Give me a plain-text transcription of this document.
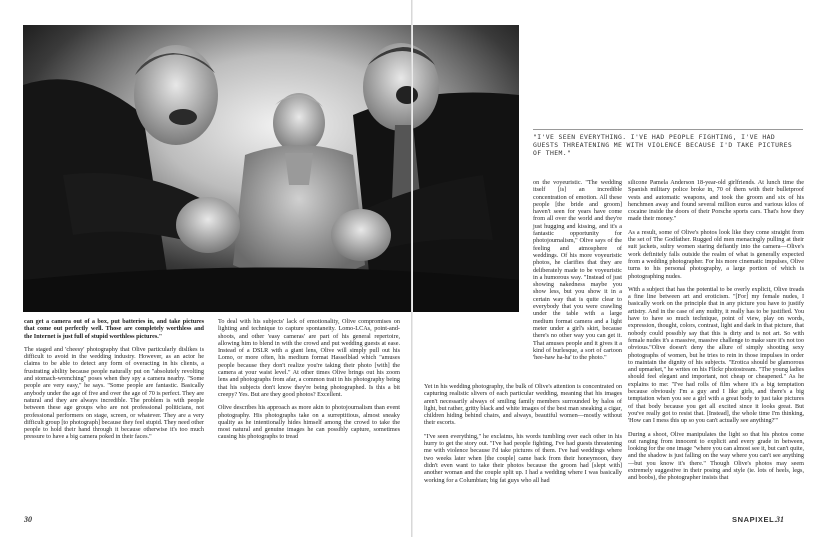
can get a camera out of a box, put batteries in, and take pictures that come out perfectly well. Those are completely worthless and the Internet is just full of stupid worthless pictures."

The staged and 'cheesy' photography that Olive particularly dislikes is difficult to avoid in the wedding industry. However, as an actor he claims to be able to detect any form of overacting in his clients, a frustrating ability because people naturally put on "absolutely revolting and stomach-wrenching" poses when they spy a camera nearby. "Some people are very easy," he says. "Some people are fantastic. Basically anybody under the age of five and over the age of 70 is perfect. They are natural and they are always incredible. The problem is with people between these age groups who are not professional politicians, not professional performers on stage, screen, or whatever. They are a very difficult group [to photograph] because they feel stupid. They need other people to hold their hand through it because otherwise it's too much pressure to have a big camera poked in their faces."

To deal with his subjects' lack of emotionality, Olive compromises on lighting and technique to capture spontaneity. Lomo-LCAs, point-and-shoots, and other 'easy cameras' are part of his general repertoire, allowing him to blend in with the crowd and put wedding guests at ease. Instead of a DSLR with a giant lens, Olive will simply pull out his Lomo, or more often, his medium format Hasselblad which "amuses people because they don't realize you're taking their photo [with] the camera at your waist level." At other times Olive brings out his zoom lens and photographs from afar, a common trait in his photography being that his subjects don't know they're being photographed. Is this a bit creepy? Yes. But are they good photos? Excellent.

Olive describes his approach as more akin to photojournalism than event photography. His photographs take on a surreptitious, almost sneaky quality as he intentionally hides himself among the crowd to take the most natural and genuine images he can possibly capture, sometimes causing his photographs to tread

"I'VE SEEN EVERYTHING. I'VE HAD PEOPLE FIGHTING, I'VE HAD GUESTS THREATENING ME WITH VIOLENCE BECAUSE I'D TAKE PICTURES OF THEM."

on the voyeuristic. "The wedding itself [is] an incredible concentration of emotion. All these people [the bride and groom] haven't seen for years have come from all over the world and they're just hugging and kissing, and it's a fantastic opportunity for photojournalism," Olive says of the feeling and atmosphere of weddings. Of his more voyeuristic photos, he clarifies that they are deliberately made to be voyeuristic in a humorous way. "Instead of just showing nakedness maybe you show less, but you show it in a certain way that is quite clear to everybody that you were crawling under the table with a large medium format camera and a light meter under a girl's skirt, because there's no other way you can get it. That amuses people and it gives it a kind of burlesque, a sort of cartoon 'hee-haw ha-ha' to the photo."

Yet in his wedding photography, the bulk of Olive's attention is concentrated on capturing realistic slivers of each particular wedding, meaning that his images aren't necessarily always of smiling family members surrounded by halos of light, but rather, gritty black and white images of the best man sneaking a cigar, children hiding behind chairs, and always, beautiful women—mostly without their escorts.

"I've seen everything," he exclaims, his words tumbling over each other in his hurry to get the story out. "I've had people fighting, I've had guests threatening me with violence because I'd take pictures of them. I've had weddings where two weeks later when [the couple] came back from their honeymoon, they didn't even want to take their photos because the groom had [slept with] another woman and the couple split up. I had a wedding where I was basically working for a Columbian; big fat guys who all had

silicone Pamela Anderson 18-year-old girlfriends. At lunch time the Spanish military police broke in, 70 of them with their bulletproof vests and automatic weapons, and took the groom and six of his henchmen away and found several million euros and various kilos of cocaine inside the doors of their Porsche sports cars. That's how they made their money."

As a result, some of Olive's photos look like they come straight from the set of The Godfather. Rugged old men menacingly pulling at their suit jackets, sultry women staring defiantly into the camera—Olive's work definitely falls outside the realm of what is generally expected from a wedding photographer. For his more cinematic impulses, Olive turns to his personal photography, a large portion of which is photographing nudes.

With a subject that has the potential to be overly explicit, Olive treads a fine line between art and eroticism. "[For] my female nudes, I basically work on the principle that in any picture you have to justify artistry. And in the case of any nudity, it really has to be justified. You have to have so much technique, point of view, play on words, expression, thought, colors, contrast, light and dark in that picture, that nobody could possibly say that this is dirty and is not art. So with female nudes it's a massive, massive challenge to make sure it's not too obvious."Olive doesn't deny the allure of simply shooting sexy photographs of women, but he tries to rein in those impulses in order to maintain the dignity of his subjects. "Erotica should be glamorous and upmarket," he writes on his Flickr photostream. "The young ladies should feel elegant and important, not cheap or cheapened." As he explains to me: "I've had rolls of film where it's a big temptation because obviously I'm a guy and I like girls, and there's a big temptation when you see a girl with a great body to just take pictures of that body because you get all excited since it looks great. But you've really got to resist that. [Instead], the whole time I'm thinking, 'How can I mess this up so you can't actually see anything?'"

During a shoot, Olive manipulates the light so that his photos come out ranging from innocent to explicit and every grade in between, looking for the one image "where you can almost see it, but can't quite, and the shadow is just falling on the way where you can't see anything—but you know it's there." Though Olive's photos may seem extremely suggestive in their posing and style (ie. lots of heels, legs, and boobs), the photographer insists that

30	SNAPIXEL. 31
